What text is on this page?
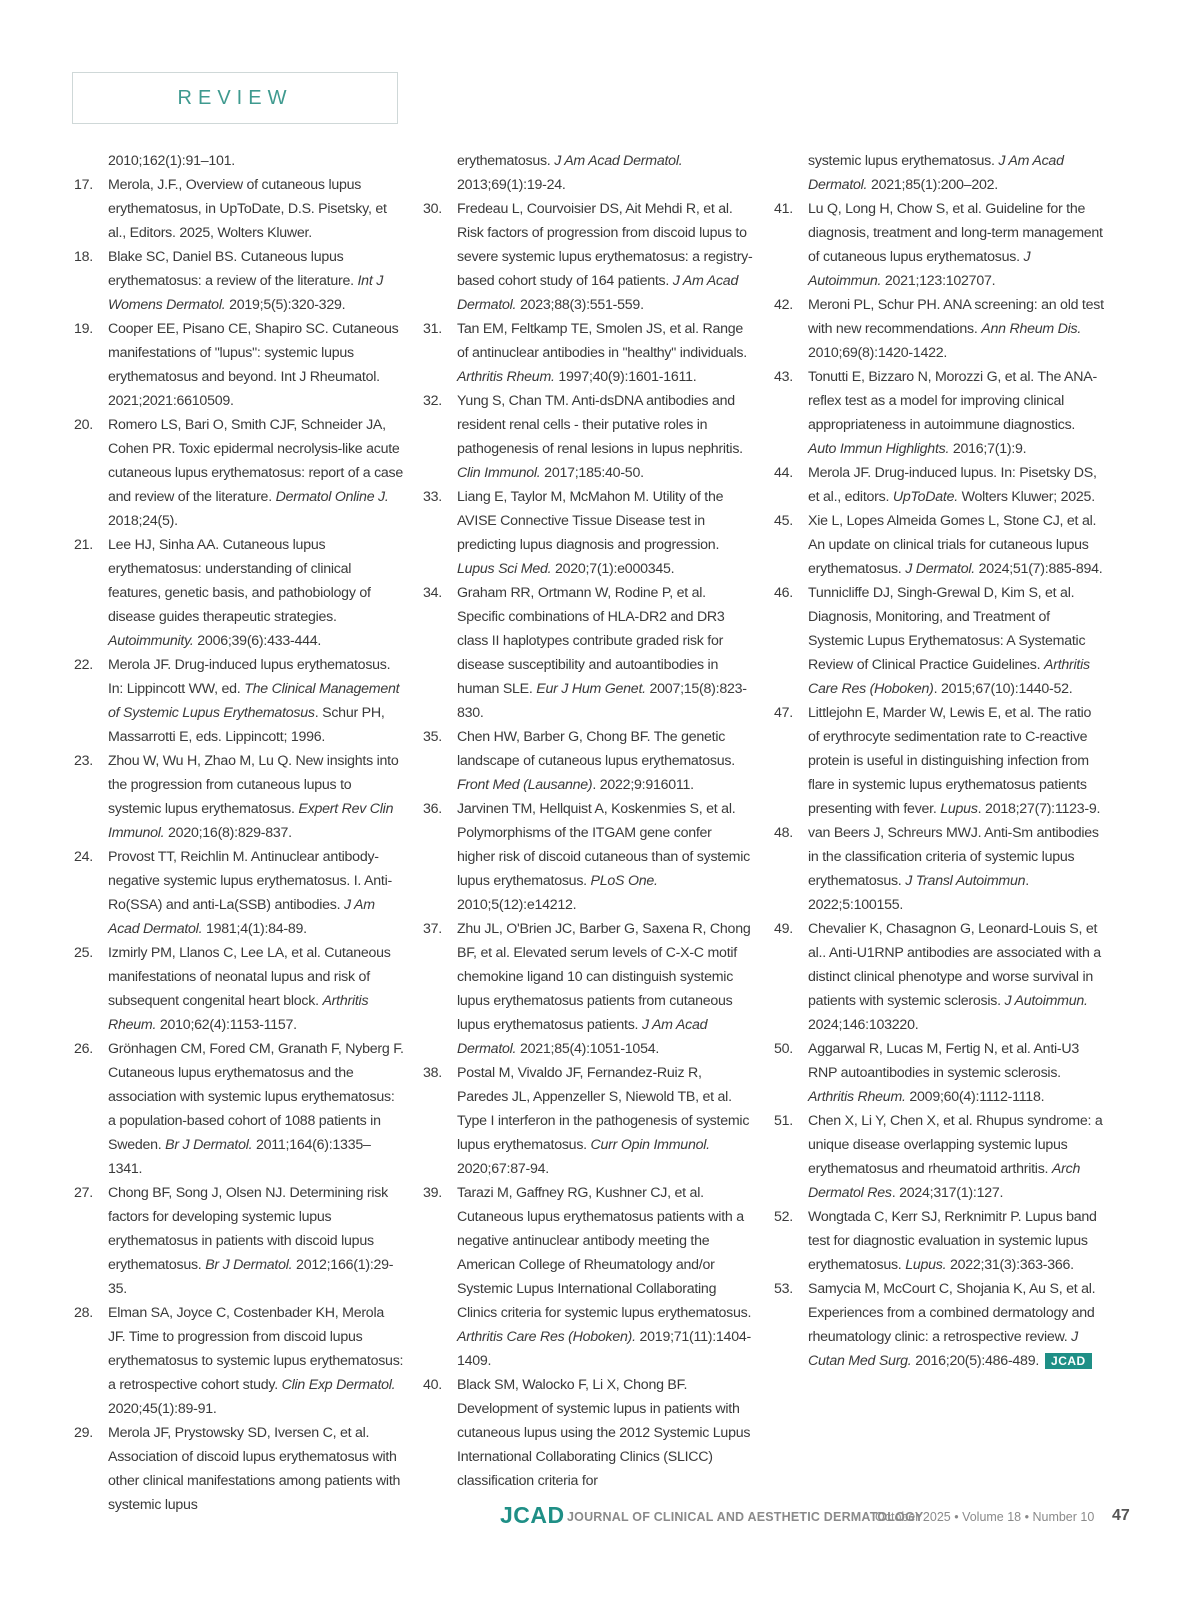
REVIEW
2010;162(1):91–101.
17.	Merola, J.F., Overview of cutaneous lupus erythematosus, in UpToDate, D.S. Pisetsky, et al., Editors. 2025, Wolters Kluwer.
18.	Blake SC, Daniel BS. Cutaneous lupus erythematosus: a review of the literature. Int J Womens Dermatol. 2019;5(5):320-329.
19.	Cooper EE, Pisano CE, Shapiro SC. Cutaneous manifestations of "lupus": systemic lupus erythematosus and beyond. Int J Rheumatol. 2021;2021:6610509.
20.	Romero LS, Bari O, Smith CJF, Schneider JA, Cohen PR. Toxic epidermal necrolysis-like acute cutaneous lupus erythematosus: report of a case and review of the literature. Dermatol Online J. 2018;24(5).
21.	Lee HJ, Sinha AA. Cutaneous lupus erythematosus: understanding of clinical features, genetic basis, and pathobiology of disease guides therapeutic strategies. Autoimmunity. 2006;39(6):433-444.
22.	Merola JF. Drug-induced lupus erythematosus. In: Lippincott WW, ed. The Clinical Management of Systemic Lupus Erythematosus. Schur PH, Massarrotti E, eds. Lippincott; 1996.
23.	Zhou W, Wu H, Zhao M, Lu Q. New insights into the progression from cutaneous lupus to systemic lupus erythematosus. Expert Rev Clin Immunol. 2020;16(8):829-837.
24.	Provost TT, Reichlin M. Antinuclear antibody-negative systemic lupus erythematosus. I. Anti-Ro(SSA) and anti-La(SSB) antibodies. J Am Acad Dermatol. 1981;4(1):84-89.
25.	Izmirly PM, Llanos C, Lee LA, et al. Cutaneous manifestations of neonatal lupus and risk of subsequent congenital heart block. Arthritis Rheum. 2010;62(4):1153-1157.
26.	Grönhagen CM, Fored CM, Granath F, Nyberg F. Cutaneous lupus erythematosus and the association with systemic lupus erythematosus: a population-based cohort of 1088 patients in Sweden. Br J Dermatol. 2011;164(6):1335–1341.
27.	Chong BF, Song J, Olsen NJ. Determining risk factors for developing systemic lupus erythematosus in patients with discoid lupus erythematosus. Br J Dermatol. 2012;166(1):29-35.
28.	Elman SA, Joyce C, Costenbader KH, Merola JF. Time to progression from discoid lupus erythematosus to systemic lupus erythematosus: a retrospective cohort study. Clin Exp Dermatol. 2020;45(1):89-91.
29.	Merola JF, Prystowsky SD, Iversen C, et al. Association of discoid lupus erythematosus with other clinical manifestations among patients with systemic lupus
erythematosus. J Am Acad Dermatol. 2013;69(1):19-24.
30.	Fredeau L, Courvoisier DS, Ait Mehdi R, et al. Risk factors of progression from discoid lupus to severe systemic lupus erythematosus: a registry-based cohort study of 164 patients. J Am Acad Dermatol. 2023;88(3):551-559.
31.	Tan EM, Feltkamp TE, Smolen JS, et al. Range of antinuclear antibodies in "healthy" individuals. Arthritis Rheum. 1997;40(9):1601-1611.
32.	Yung S, Chan TM. Anti-dsDNA antibodies and resident renal cells - their putative roles in pathogenesis of renal lesions in lupus nephritis. Clin Immunol. 2017;185:40-50.
33.	Liang E, Taylor M, McMahon M. Utility of the AVISE Connective Tissue Disease test in predicting lupus diagnosis and progression. Lupus Sci Med. 2020;7(1):e000345.
34.	Graham RR, Ortmann W, Rodine P, et al. Specific combinations of HLA-DR2 and DR3 class II haplotypes contribute graded risk for disease susceptibility and autoantibodies in human SLE. Eur J Hum Genet. 2007;15(8):823-830.
35.	Chen HW, Barber G, Chong BF. The genetic landscape of cutaneous lupus erythematosus. Front Med (Lausanne). 2022;9:916011.
36.	Jarvinen TM, Hellquist A, Koskenmies S, et al. Polymorphisms of the ITGAM gene confer higher risk of discoid cutaneous than of systemic lupus erythematosus. PLoS One. 2010;5(12):e14212.
37.	Zhu JL, O'Brien JC, Barber G, Saxena R, Chong BF, et al. Elevated serum levels of C-X-C motif chemokine ligand 10 can distinguish systemic lupus erythematosus patients from cutaneous lupus erythematosus patients. J Am Acad Dermatol. 2021;85(4):1051-1054.
38.	Postal M, Vivaldo JF, Fernandez-Ruiz R, Paredes JL, Appenzeller S, Niewold TB, et al. Type I interferon in the pathogenesis of systemic lupus erythematosus. Curr Opin Immunol. 2020;67:87-94.
39.	Tarazi M, Gaffney RG, Kushner CJ, et al. Cutaneous lupus erythematosus patients with a negative antinuclear antibody meeting the American College of Rheumatology and/or Systemic Lupus International Collaborating Clinics criteria for systemic lupus erythematosus. Arthritis Care Res (Hoboken). 2019;71(11):1404-1409.
40.	Black SM, Walocko F, Li X, Chong BF. Development of systemic lupus in patients with cutaneous lupus using the 2012 Systemic Lupus International Collaborating Clinics (SLICC) classification criteria for
systemic lupus erythematosus. J Am Acad Dermatol. 2021;85(1):200–202.
41.	Lu Q, Long H, Chow S, et al. Guideline for the diagnosis, treatment and long-term management of cutaneous lupus erythematosus. J Autoimmun. 2021;123:102707.
42.	Meroni PL, Schur PH. ANA screening: an old test with new recommendations. Ann Rheum Dis. 2010;69(8):1420-1422.
43.	Tonutti E, Bizzaro N, Morozzi G, et al. The ANA-reflex test as a model for improving clinical appropriateness in autoimmune diagnostics. Auto Immun Highlights. 2016;7(1):9.
44.	Merola JF. Drug-induced lupus. In: Pisetsky DS, et al., editors. UpToDate. Wolters Kluwer; 2025.
45.	Xie L, Lopes Almeida Gomes L, Stone CJ, et al. An update on clinical trials for cutaneous lupus erythematosus. J Dermatol. 2024;51(7):885-894.
46.	Tunnicliffe DJ, Singh-Grewal D, Kim S, et al. Diagnosis, Monitoring, and Treatment of Systemic Lupus Erythematosus: A Systematic Review of Clinical Practice Guidelines. Arthritis Care Res (Hoboken). 2015;67(10):1440-52.
47.	Littlejohn E, Marder W, Lewis E, et al. The ratio of erythrocyte sedimentation rate to C-reactive protein is useful in distinguishing infection from flare in systemic lupus erythematosus patients presenting with fever. Lupus. 2018;27(7):1123-9.
48.	van Beers J, Schreurs MWJ. Anti-Sm antibodies in the classification criteria of systemic lupus erythematosus. J Transl Autoimmun. 2022;5:100155.
49.	Chevalier K, Chasagnon G, Leonard-Louis S, et al.. Anti-U1RNP antibodies are associated with a distinct clinical phenotype and worse survival in patients with systemic sclerosis. J Autoimmun. 2024;146:103220.
50.	Aggarwal R, Lucas M, Fertig N, et al. Anti-U3 RNP autoantibodies in systemic sclerosis. Arthritis Rheum. 2009;60(4):1112-1118.
51.	Chen X, Li Y, Chen X, et al. Rhupus syndrome: a unique disease overlapping systemic lupus erythematosus and rheumatoid arthritis. Arch Dermatol Res. 2024;317(1):127.
52.	Wongtada C, Kerr SJ, Rerknimitr P. Lupus band test for diagnostic evaluation in systemic lupus erythematosus. Lupus. 2022;31(3):363-366.
53.	Samycia M, McCourt C, Shojania K, Au S, et al. Experiences from a combined dermatology and rheumatology clinic: a retrospective review. J Cutan Med Surg. 2016;20(5):486-489. JCAD
JCAD JOURNAL OF CLINICAL AND AESTHETIC DERMATOLOGY
October 2025 • Volume 18 • Number 10 47
